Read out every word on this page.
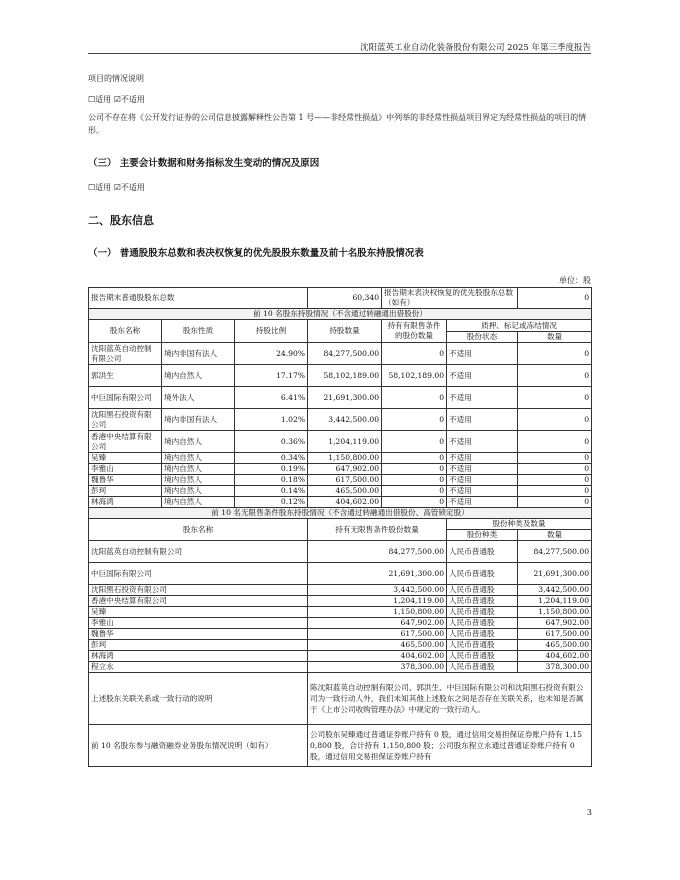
沈阳蓝英工业自动化装备股份有限公司 2025 年第三季度报告
项目的情况说明
☐适用 ☑不适用
公司不存在将《公开发行证券的公司信息披露解释性公告第 1 号——非经常性损益》中列举的非经常性损益项目界定为经常性损益的项目的情形。
（三） 主要会计数据和财务指标发生变动的情况及原因
☐适用 ☑不适用
二、股东信息
（一） 普通股股东总数和表决权恢复的优先股股东数量及前十名股东持股情况表
单位：股
报告期末普通股股东总数			60,340	报告期末表决权恢复的优先股股东总数（如有）		0
前 10 名股东持股情况（不含通过转融通出借股份）						
股东名称	股东性质	持股比例	持股数量	持有有限售条件的股份数量	质押、标记或冻结情况	
					股份状态	数量
沈阳蓝英自动控制有限公司	境内非国有法人	24.90%	84,277,500.00	0	不适用	0
郭洪生	境内自然人	17.17%	58,102,189.00	58,102,189.00	不适用	0
中巨国际有限公司	境外法人	6.41%	21,691,300.00	0	不适用	0
沈阳黑石投资有限公司	境内非国有法人	1.02%	3,442,500.00	0	不适用	0
香港中央结算有限公司	境内自然人	0.36%	1,204,119.00	0	不适用	0
吴臻	境内自然人	0.34%	1,150,800.00	0	不适用	0
李雅山	境内自然人	0.19%	647,902.00	0	不适用	0
魏鲁华	境内自然人	0.18%	617,500.00	0	不适用	0
彭珂	境内自然人	0.14%	465,500.00	0	不适用	0
林海鸿	境内自然人	0.12%	404,602.00	0	不适用	0
前 10 名无限售条件股东持股情况（不含通过转融通出借股份、高管锁定股）						
股东名称			持有无限售条件股份数量		股份种类及数量	
					股份种类	数量
沈阳蓝英自动控制有限公司			84,277,500.00		人民币普通股	84,277,500.00
中巨国际有限公司			21,691,300.00		人民币普通股	21,691,300.00
沈阳黑石投资有限公司			3,442,500.00		人民币普通股	3,442,500.00
香港中央结算有限公司			1,204,119.00		人民币普通股	1,204,119.00
吴臻			1,150,800.00		人民币普通股	1,150,800.00
李雅山			647,902.00		人民币普通股	647,902.00
魏鲁华			617,500.00		人民币普通股	617,500.00
彭珂			465,500.00		人民币普通股	465,500.00
林海鸿			404,602.00		人民币普通股	404,602.00
程立永			378,300.00		人民币普通股	378,300.00
上述股东关联关系或一致行动的说明			陈沈阳蓝英自动控制有限公司、郭洪生、中巨国际有限公司和沈阳黑石投资有限公司为一致行动人外，我们未知其他上述股东之间是否存在关联关系，也未知是否属于《上市公司收购管理办法》中规定的一致行动人。			
前 10 名股东参与融资融券业务股东情况说明（如有）			公司股东吴臻通过普通证券账户持有 0 股，通过信用交易担保证券账户持有 1,150,800 股，合计持有 1,150,800 股；公司股东程立永通过普通证券账户持有 0 股，通过信用交易担保证券账户持有			
3
